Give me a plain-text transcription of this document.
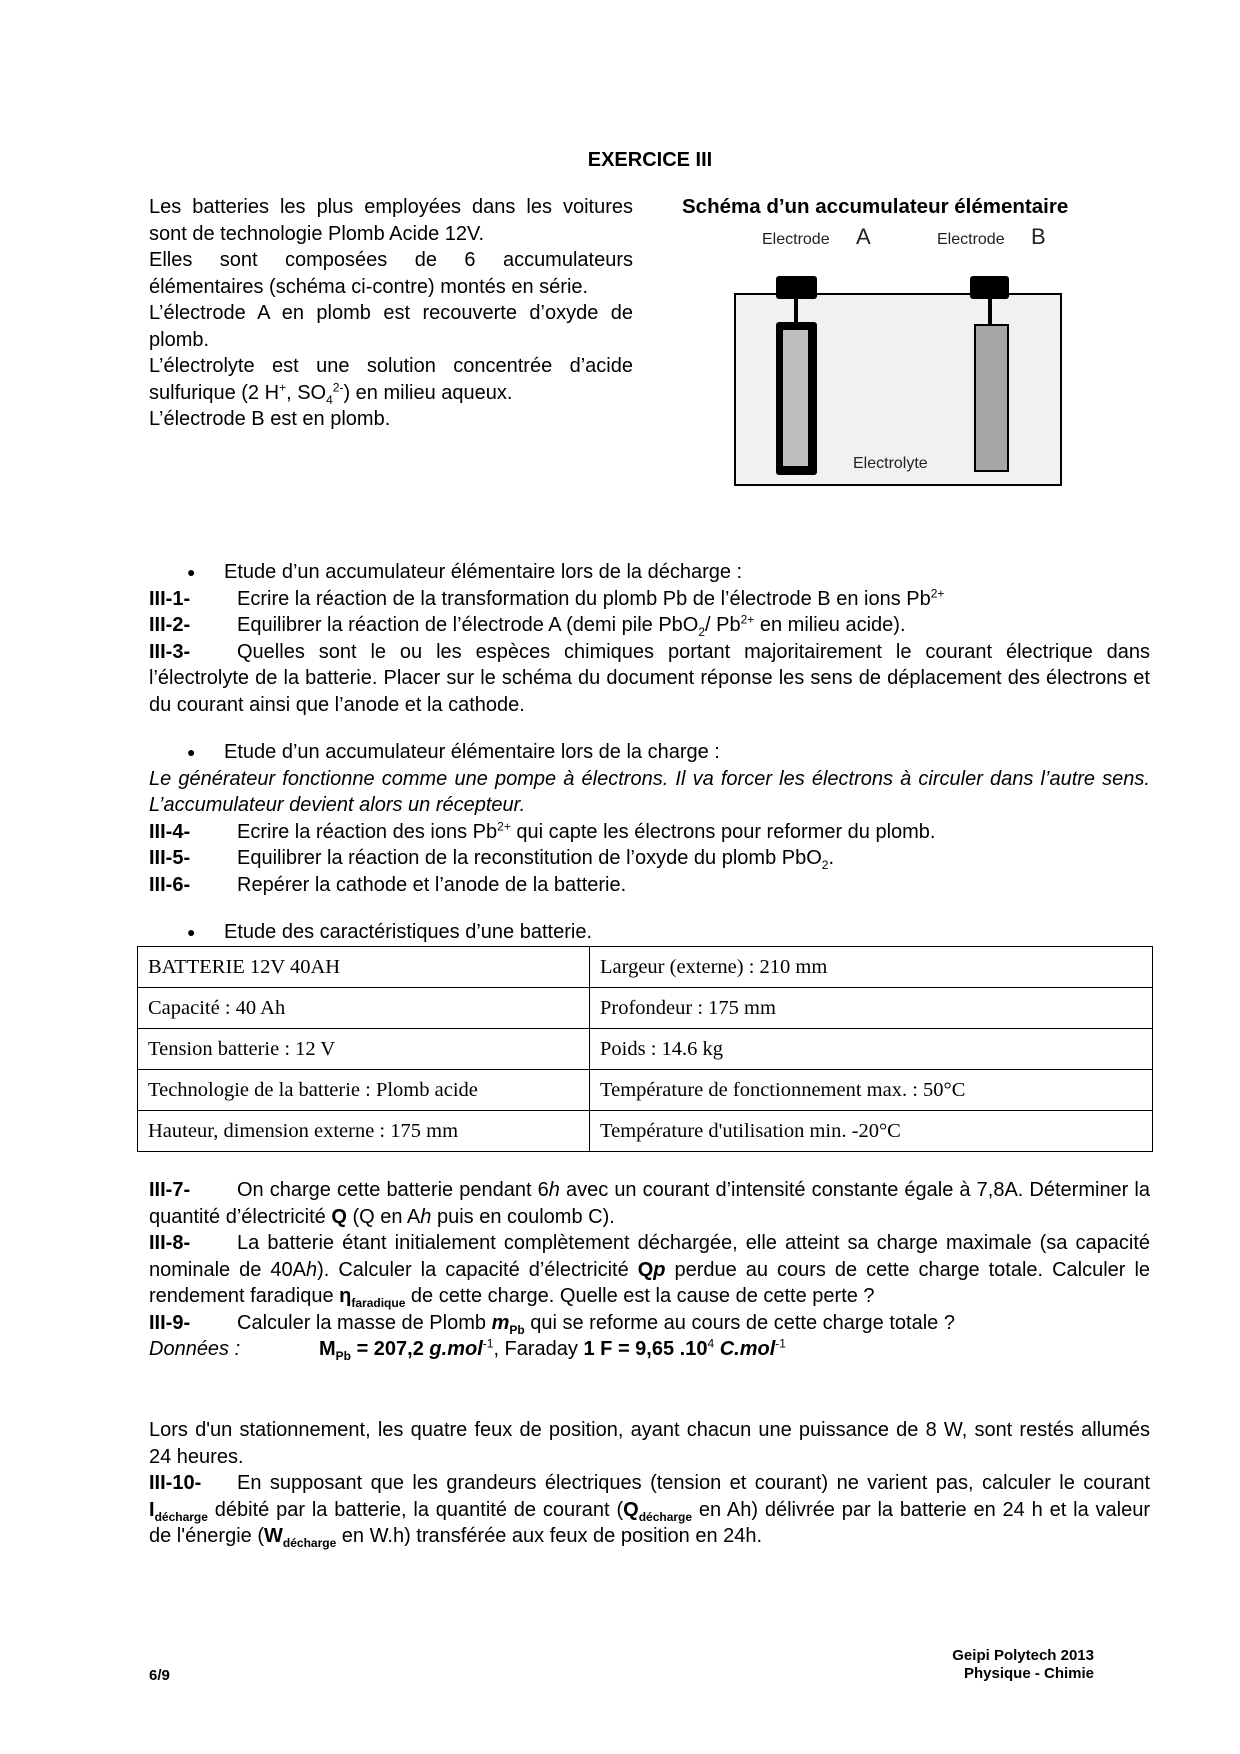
EXERCICE III

Les batteries les plus employées dans les voitures sont de technologie Plomb Acide 12V.

Elles sont composées de 6 accumulateurs élémentaires (schéma ci-contre) montés en série.

L’électrode A en plomb est recouverte d’oxyde de plomb.

L’électrolyte est une solution concentrée d’acide sulfurique (2 H+, $SO_4^{2-}$) en milieu aqueux.

L’électrode B est en plomb.

Schéma d’un accumulateur élémentaire
Electrode A	Electrode B
Electrolyte
● Etude d’un accumulateur élémentaire lors de la décharge :
III-1-	Ecrire la réaction de la transformation du plomb Pb de l’électrode B en ions $Pb^{2+}$
III-2-	Equilibrer la réaction de l’électrode A (demi pile PbO$_2$/ $Pb^{2+}$ en milieu acide).
III-3- Quelles sont le ou les espèces chimiques portant majoritairement le courant électrique dans l’électrolyte de la batterie. Placer sur le schéma du document réponse les sens de déplacement des électrons et du courant ainsi que l’anode et la cathode.
● Etude d’un accumulateur élémentaire lors de la charge :

Le générateur fonctionne comme une pompe à électrons. Il va forcer les électrons à circuler dans l’autre sens. L’accumulateur devient alors un récepteur.

III-4-	Ecrire la réaction des ions $Pb^{2+}$ qui capte les électrons pour reformer du plomb.
III-5-	Equilibrer la réaction de la reconstitution de l’oxyde du plomb PbO$_2$.
III-6-	Repérer la cathode et l’anode de la batterie.
● Etude des caractéristiques d’une batterie.
BATTERIE 12V 40AH	Largeur (externe) : 210 mm
Capacité : 40 Ah	Profondeur : 175 mm
Tension batterie : 12 V	Poids : 14.6 kg
Technologie de la batterie : Plomb acide	Température de fonctionnement max. : 50°C
Hauteur, dimension externe : 175 mm	Température d'utilisation min. -20°C
III-7- On charge cette batterie pendant 6h avec un courant d’intensité constante égale à 7,8A. Déterminer la quantité d’électricité Q (Q en Ah puis en coulomb C).
III-8- La batterie étant initialement complètement déchargée, elle atteint sa charge maximale (sa capacité nominale de 40Ah). Calculer la capacité d’électricité Qp perdue au cours de cette charge totale. Calculer le rendement faradique $\eta_{faradique}$ de cette charge. Quelle est la cause de cette perte ?
III-9-	Calculer la masse de Plomb $m_{Pb}$ qui se reforme au cours de cette charge totale ?
Données :	$M_{Pb} = 207,2$ g.mol$^{-1}$, Faraday 1 F = 9,65 $.10^4$ C.mol$^{-1}$

Lors d'un stationnement, les quatre feux de position, ayant chacun une puissance de 8 W, sont restés allumés 24 heures.

III-10- En supposant que les grandeurs électriques (tension et courant) ne varient pas, calculer le courant $I_{décharge}$ débité par la batterie, la quantité de courant ($Q_{décharge}$ en Ah) délivrée par la batterie en 24 h et la valeur de l'énergie ($W_{décharge}$ en W.h) transférée aux feux de position en 24h.
6/9
Geipi Polytech 2013
Physique - Chimie
